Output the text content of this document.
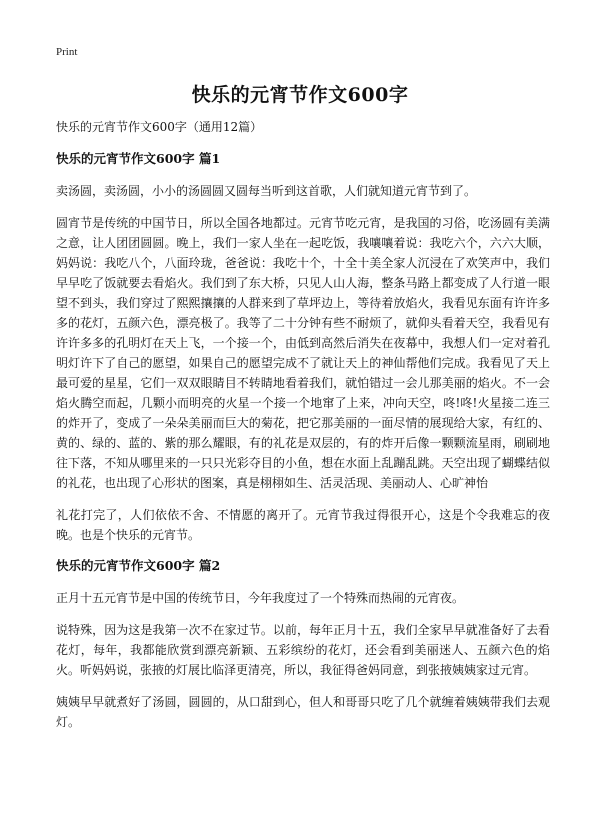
Print
快乐的元宵节作文600字
快乐的元宵节作文600字（通用12篇）
快乐的元宵节作文600字 篇1

卖汤圆，卖汤圆，小小的汤圆圆又圆每当听到这首歌，人们就知道元宵节到了。

圆宵节是传统的中国节日，所以全国各地都过。元宵节吃元宵，是我国的习俗，吃汤圆有美满之意，让人团团圆圆。晚上，我们一家人坐在一起吃饭，我嚷嚷着说：我吃六个，六六大顺，妈妈说：我吃八个，八面玲珑，爸爸说：我吃十个，十全十美全家人沉浸在了欢笑声中，我们早早吃了饭就要去看焰火。我们到了东大桥，只见人山人海，整条马路上都变成了人行道一眼望不到头，我们穿过了熙熙攘攘的人群来到了草坪边上，等待着放焰火，我看见东面有许许多多的花灯，五颜六色，漂亮极了。我等了二十分钟有些不耐烦了，就仰头看着天空，我看见有许许多多的孔明灯在天上飞，一个接一个，由低到高然后消失在夜幕中，我想人们一定对着孔明灯许下了自己的愿望，如果自己的愿望完成不了就让天上的神仙帮他们完成。我看见了天上最可爱的星星，它们一双双眼睛目不转睛地看着我们，就怕错过一会儿那美丽的焰火。不一会焰火腾空而起，几颗小而明亮的火星一个接一个地窜了上来，冲向天空，咚!咚!火星接二连三的炸开了，变成了一朵朵美丽而巨大的菊花，把它那美丽的一面尽情的展现给大家，有红的、黄的、绿的、蓝的、紫的那么耀眼，有的礼花是双层的，有的炸开后像一颗颗流星雨，刷刷地往下落，不知从哪里来的一只只光彩夺目的小鱼，想在水面上乱蹦乱跳。天空出现了蝴蝶结似的礼花，也出现了心形状的图案，真是栩栩如生、活灵活现、美丽动人、心旷神怡

礼花打完了，人们依依不舍、不情愿的离开了。元宵节我过得很开心，这是个令我难忘的夜晚。也是个快乐的元宵节。

快乐的元宵节作文600字 篇2

正月十五元宵节是中国的传统节日，今年我度过了一个特殊而热闹的元宵夜。

说特殊，因为这是我第一次不在家过节。以前，每年正月十五，我们全家早早就准备好了去看花灯，每年，我都能欣赏到漂亮新颖、五彩缤纷的花灯，还会看到美丽迷人、五颜六色的焰火。听妈妈说，张掖的灯展比临泽更清亮，所以，我征得爸妈同意，到张掖姨姨家过元宵。

姨姨早早就煮好了汤圆，圆圆的，从口甜到心，但人和哥哥只吃了几个就缠着姨姨带我们去观灯。
